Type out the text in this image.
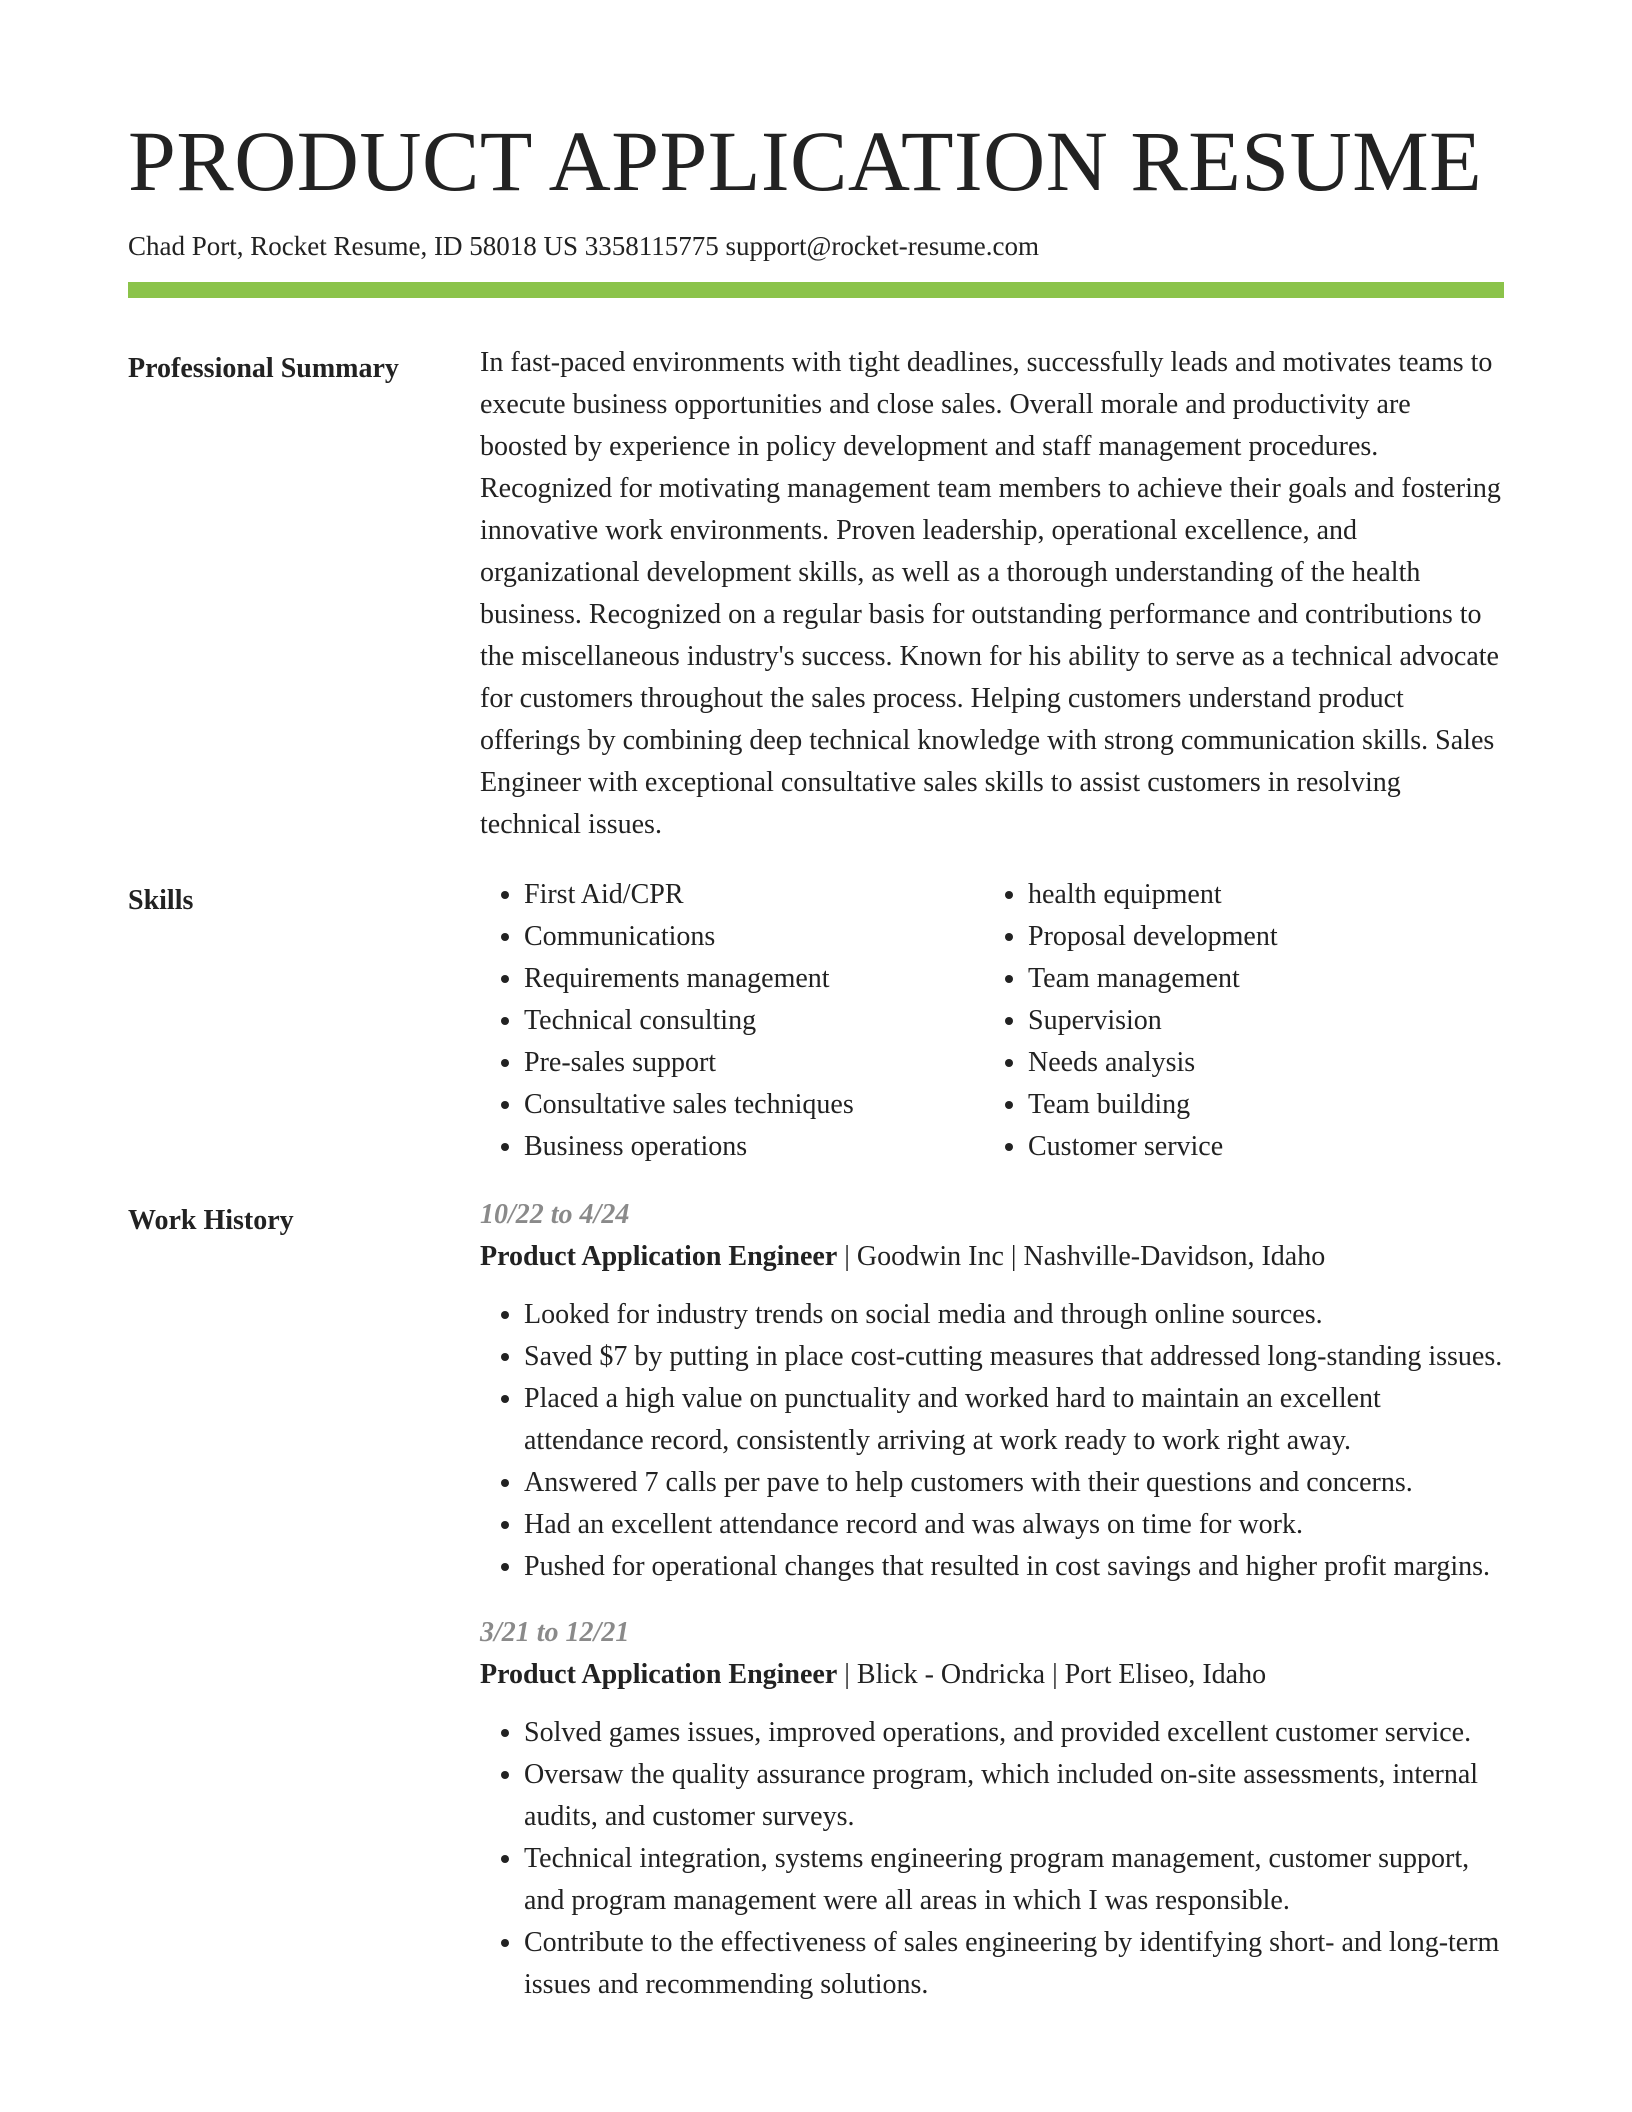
PRODUCT APPLICATION RESUME
Chad Port, Rocket Resume, ID 58018 US 3358115775 support@rocket-resume.com
Professional Summary	In fast-paced environments with tight deadlines, successfully leads and motivates teams to execute business opportunities and close sales. Overall morale and productivity are boosted by experience in policy development and staff management procedures. Recognized for motivating management team members to achieve their goals and fostering innovative work environments. Proven leadership, operational excellence, and organizational development skills, as well as a thorough understanding of the health business. Recognized on a regular basis for outstanding performance and contributions to the miscellaneous industry's success. Known for his ability to serve as a technical advocate for customers throughout the sales process. Helping customers understand product offerings by combining deep technical knowledge with strong communication skills. Sales Engineer with exceptional consultative sales skills to assist customers in resolving technical issues.

Skills
•	First Aid/CPR
• Communications
• Requirements management
• Technical consulting
• Pre-sales support
• Consultative sales techniques
• Business operations
• health equipment
• Proposal development
• Team management
• Supervision
• Needs analysis
• Team building
• Customer service
Work History	10/22 to 4/24
Product Application Engineer | Goodwin Inc | Nashville-Davidson, Idaho
• Looked for industry trends on social media and through online sources.
• Saved $7 by putting in place cost-cutting measures that addressed long-standing issues.
• Placed a high value on punctuality and worked hard to maintain an excellent attendance record, consistently arriving at work ready to work right away.
• Answered 7 calls per pave to help customers with their questions and concerns.
• Had an excellent attendance record and was always on time for work.
• Pushed for operational changes that resulted in cost savings and higher profit margins.
3/21 to 12/21
Product Application Engineer | Blick - Ondricka | Port Eliseo, Idaho
• Solved games issues, improved operations, and provided excellent customer service.
• Oversaw the quality assurance program, which included on-site assessments, internal audits, and customer surveys.
• Technical integration, systems engineering program management, customer support, and program management were all areas in which I was responsible.
• Contribute to the effectiveness of sales engineering by identifying short- and long-term issues and recommending solutions.
